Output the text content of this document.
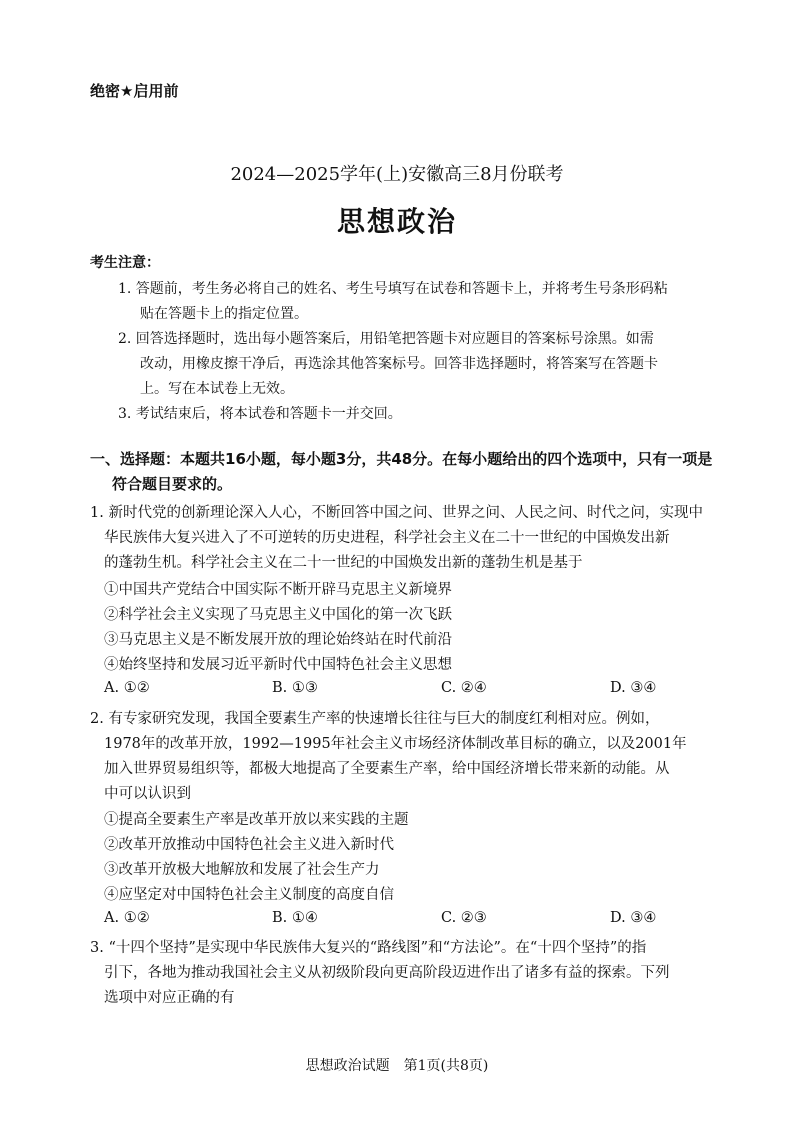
绝密★启用前
2024—2025学年(上)安徽高三8月份联考
思想政治
考生注意：
1. 答题前，考生务必将自己的姓名、考生号填写在试卷和答题卡上，并将考生号条形码粘
贴在答题卡上的指定位置。
2. 回答选择题时，选出每小题答案后，用铅笔把答题卡对应题目的答案标号涂黑。如需
改动，用橡皮擦干净后，再选涂其他答案标号。回答非选择题时，将答案写在答题卡
上。写在本试卷上无效。
3. 考试结束后，将本试卷和答题卡一并交回。
一、选择题：本题共16小题，每小题3分，共48分。在每小题给出的四个选项中，只有一项是
符合题目要求的。
1. 新时代党的创新理论深入人心，不断回答中国之问、世界之问、人民之问、时代之问，实现中
华民族伟大复兴进入了不可逆转的历史进程，科学社会主义在二十一世纪的中国焕发出新
的蓬勃生机。科学社会主义在二十一世纪的中国焕发出新的蓬勃生机是基于
①中国共产党结合中国实际不断开辟马克思主义新境界
②科学社会主义实现了马克思主义中国化的第一次飞跃
③马克思主义是不断发展开放的理论始终站在时代前沿
④始终坚持和发展习近平新时代中国特色社会主义思想
A. ①②	B. ①③	C. ②④	D. ③④
2. 有专家研究发现，我国全要素生产率的快速增长往往与巨大的制度红利相对应。例如，
1978年的改革开放，1992—1995年社会主义市场经济体制改革目标的确立，以及2001年
加入世界贸易组织等，都极大地提高了全要素生产率，给中国经济增长带来新的动能。从
中可以认识到
①提高全要素生产率是改革开放以来实践的主题
②改革开放推动中国特色社会主义进入新时代
③改革开放极大地解放和发展了社会生产力
④应坚定对中国特色社会主义制度的高度自信
A. ①②	B. ①④	C. ②③	D. ③④
3. “十四个坚持”是实现中华民族伟大复兴的“路线图”和“方法论”。在“十四个坚持”的指
引下，各地为推动我国社会主义从初级阶段向更高阶段迈进作出了诸多有益的探索。下列
选项中对应正确的有
思想政治试题　第1页(共8页)
